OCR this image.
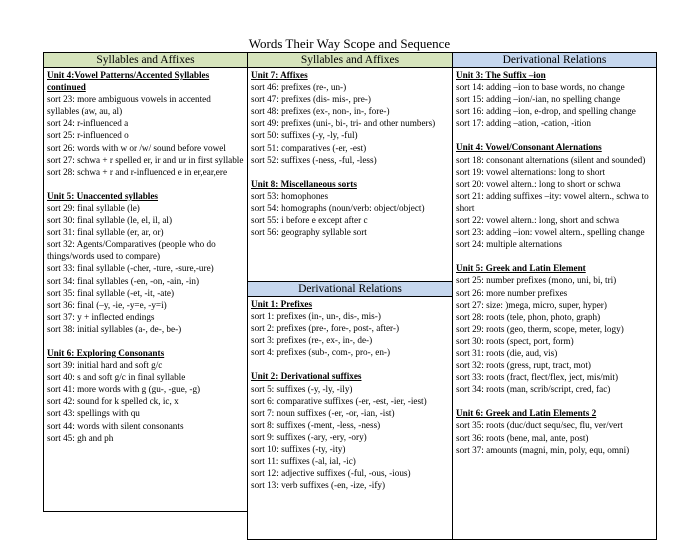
Words Their Way Scope and Sequence
Syllables and Affixes
Unit 4:Vowel Patterns/Accented Syllables continued
sort 23: more ambiguous vowels in accented syllables (aw, au, al)
sort 24: r-influenced a
sort 25: r-influenced o
sort 26: words with w or /w/ sound before vowel
sort 27: schwa + r spelled er, ir and ur in first syllable
sort 28: schwa + r and r-influenced e in er,ear,ere
Unit 5: Unaccented syllables
sort 29: final syllable (le)
sort 30: final syllable (le, el, il, al)
sort 31: final syllable (er, ar, or)
sort 32: Agents/Comparatives (people who do things/words used to compare)
sort 33: final syllable (-cher, -ture, -sure,-ure)
sort 34: final syllables (-en, -on, -ain, -in)
sort 35: final syllable (-et, -it, -ate)
sort 36: final (–y, -ie, -y=e, -y=i)
sort 37: y + inflected endings
sort 38: initial syllables (a-, de-, be-)
Unit 6: Exploring Consonants
sort 39: initial hard and soft g/c
sort 40: s and soft g/c in final syllable
sort 41: more words with g (gu-, -gue, -g)
sort 42: sound for k spelled ck, ic, x
sort 43: spellings with qu
sort 44: words with silent consonants
sort 45: gh and ph
Syllables and Affixes
Unit 7: Affixes
sort 46: prefixes (re-, un-)
sort 47: prefixes (dis- mis-, pre-)
sort 48: prefixes (ex-, non-, in-, fore-)
sort 49: prefixes (uni-, bi-, tri- and other numbers)
sort 50: suffixes (-y, -ly, -ful)
sort 51: comparatives (-er, -est)
sort 52: suffixes (-ness, -ful, -less)
Unit 8: Miscellaneous sorts
sort 53: homophones
sort 54: homographs (noun/verb: object/object)
sort 55: i before e except after c
sort 56: geography syllable sort
Derivational Relations
Unit 1: Prefixes
sort 1: prefixes (in-, un-, dis-, mis-)
sort 2: prefixes (pre-, fore-, post-, after-)
sort 3: prefixes (re-, ex-, in-, de-)
sort 4: prefixes (sub-, com-, pro-, en-)
Unit 2: Derivational suffixes
sort 5: suffixes (-y, -ly, -ily)
sort 6: comparative suffixes (-er, -est, -ier, -iest)
sort 7: noun suffixes (-er, -or, -ian, -ist)
sort 8: suffixes (-ment, -less, -ness)
sort 9: suffixes (-ary, -ery, -ory)
sort 10: suffixes (-ty, -ity)
sort 11: suffixes (-al, ial, -ic)
sort 12: adjective suffixes (-ful, -ous, -ious)
sort 13: verb suffixes (-en, -ize, -ify)
Derivational Relations
Unit 3: The Suffix –ion
sort 14: adding –ion to base words, no change
sort 15: adding –ion/-ian, no spelling change
sort 16: adding –ion, e-drop, and spelling change
sort 17: adding –ation, -cation, -ition
Unit 4: Vowel/Consonant Alernations
sort 18: consonant alternations (silent and sounded)
sort 19: vowel alternations: long to short
sort 20: vowel altern.: long to short or schwa
sort 21: adding suffixes –ity: vowel altern., schwa to short
sort 22: vowel altern.: long, short and schwa
sort 23: adding –ion: vowel altern., spelling change
sort 24: multiple alternations
Unit 5: Greek and Latin Element
sort 25: number prefixes (mono, uni, bi, tri)
sort 26: more number prefixes
sort 27: size: )mega, micro, super, hyper)
sort 28: roots (tele, phon, photo, graph)
sort 29: roots (geo, therm, scope, meter, logy)
sort 30: roots (spect, port, form)
sort 31: roots (die, aud, vis)
sort 32: roots (gress, rupt, tract, mot)
sort 33: roots (fract, flect/flex, ject, mis/mit)
sort 34: roots (man, scrib/script, cred, fac)
Unit 6: Greek and Latin Elements 2
sort 35: roots (duc/duct sequ/sec, flu, ver/vert
sort 36: roots (bene, mal, ante, post)
sort 37: amounts (magni, min, poly, equ, omni)
